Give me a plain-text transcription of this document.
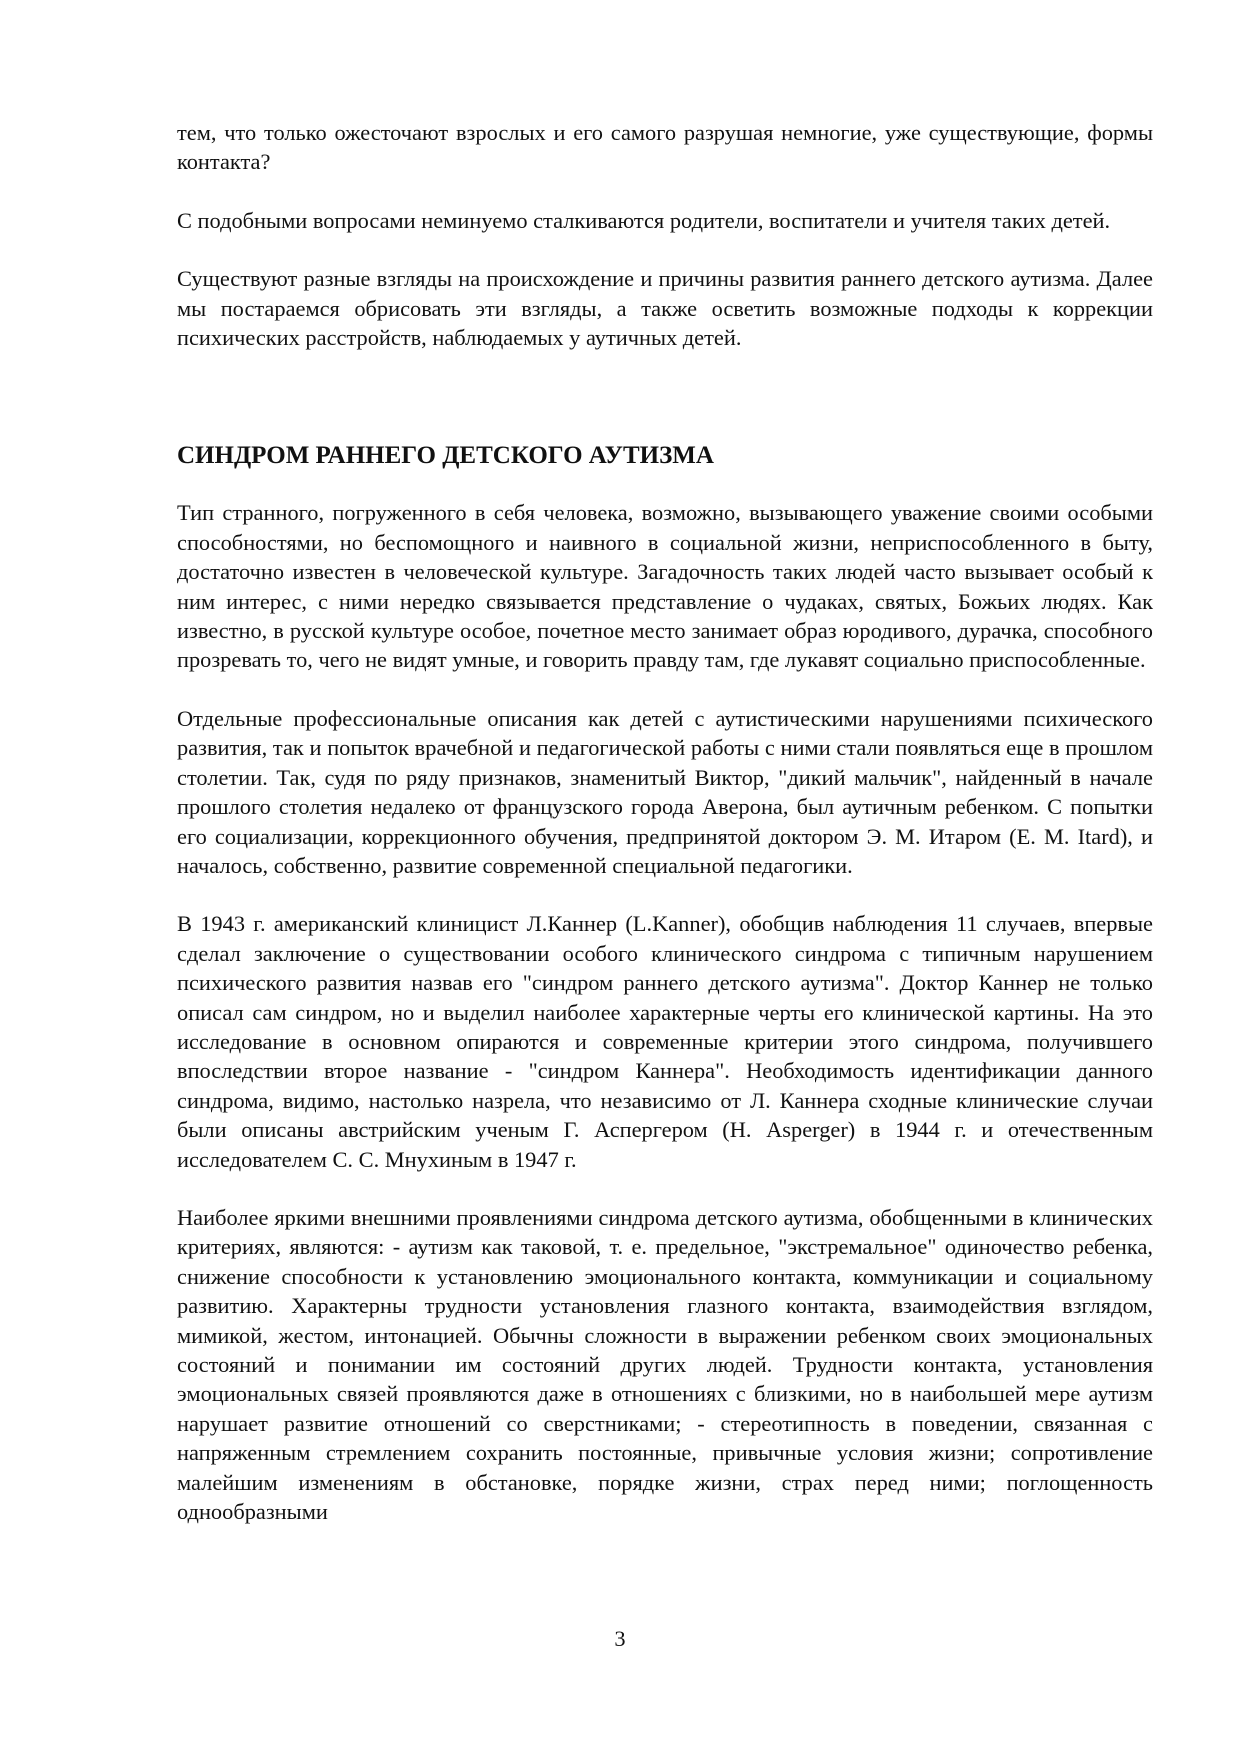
тем, что только ожесточают взрослых и его самого разрушая немногие, уже существующие, формы контакта?

С подобными вопросами неминуемо сталкиваются родители, воспитатели и учителя таких детей.

Существуют разные взгляды на происхождение и причины развития раннего детского аутизма. Далее мы постараемся обрисовать эти взгляды, а также осветить возможные подходы к коррекции психических расстройств, наблюдаемых у аутичных детей.

СИНДРОМ РАННЕГО ДЕТСКОГО АУТИЗМА

Тип странного, погруженного в себя человека, возможно, вызывающего уважение своими особыми способностями, но беспомощного и наивного в социальной жизни, неприспособленного в быту, достаточно известен в человеческой культуре. Загадочность таких людей часто вызывает особый к ним интерес, с ними нередко связывается представление о чудаках, святых, Божьих людях. Как известно, в русской культуре особое, почетное место занимает образ юродивого, дурачка, способного прозревать то, чего не видят умные, и говорить правду там, где лукавят социально приспособленные.

Отдельные профессиональные описания как детей с аутистическими нарушениями психического развития, так и попыток врачебной и педагогической работы с ними стали появляться еще в прошлом столетии. Так, судя по ряду признаков, знаменитый Виктор, "дикий мальчик", найденный в начале прошлого столетия недалеко от французского города Аверона, был аутичным ребенком. С попытки его социализации, коррекционного обучения, предпринятой доктором Э. М. Итаром (Е. М. Itard), и началось, собственно, развитие современной специальной педагогики.

В 1943 г. американский клиницист Л.Каннер (L.Kanner), обобщив наблюдения 11 случаев, впервые сделал заключение о существовании особого клинического синдрома с типичным нарушением психического развития назвав его "синдром раннего детского аутизма". Доктор Каннер не только описал сам синдром, но и выделил наиболее характерные черты его клинической картины. На это исследование в основном опираются и современные критерии этого синдрома, получившего впоследствии второе название - "синдром Каннера". Необходимость идентификации данного синдрома, видимо, настолько назрела, что независимо от Л. Каннера сходные клинические случаи были описаны австрийским ученым Г. Аспергером (Н. Asperger) в 1944 г. и отечественным исследователем С. С. Мнухиным в 1947 г.

Наиболее яркими внешними проявлениями синдрома детского аутизма, обобщенными в клинических критериях, являются: - аутизм как таковой, т. е. предельное, "экстремальное" одиночество ребенка, снижение способности к установлению эмоционального контакта, коммуникации и социальному развитию. Характерны трудности установления глазного контакта, взаимодействия взглядом, мимикой, жестом, интонацией. Обычны сложности в выражении ребенком своих эмоциональных состояний и понимании им состояний других людей. Трудности контакта, установления эмоциональных связей проявляются даже в отношениях с близкими, но в наибольшей мере аутизм нарушает развитие отношений со сверстниками; - стереотипность в поведении, связанная с напряженным стремлением сохранить постоянные, привычные условия жизни; сопротивление малейшим изменениям в обстановке, порядке жизни, страх перед ними; поглощенность однообразными

3
